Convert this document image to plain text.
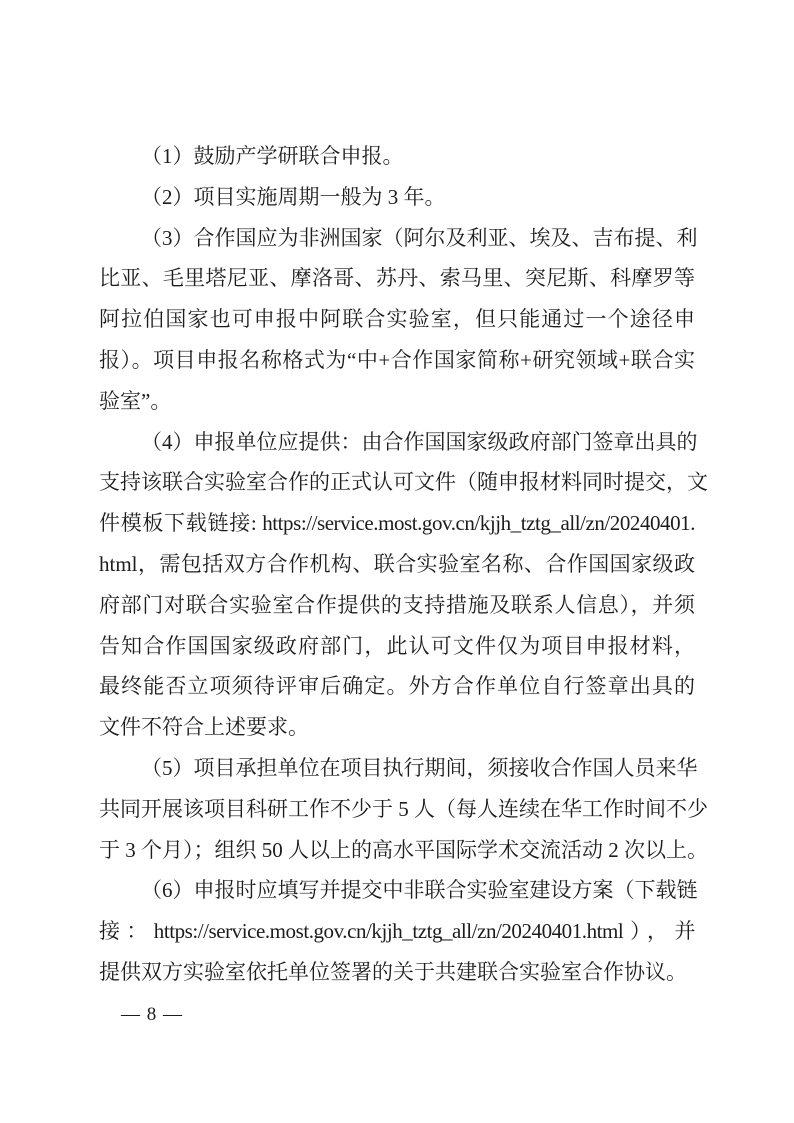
（1）鼓励产学研联合申报。
（2）项目实施周期一般为 3 年。
（3）合作国应为非洲国家（阿尔及利亚、埃及、吉布提、利
比亚、毛里塔尼亚、摩洛哥、苏丹、索马里、突尼斯、科摩罗等
阿拉伯国家也可申报中阿联合实验室，但只能通过一个途径申
报）。项目申报名称格式为“中+合作国家简称+研究领域+联合实
验室”。
（4）申报单位应提供：由合作国国家级政府部门签章出具的
支持该联合实验室合作的正式认可文件（随申报材料同时提交，文
件模板下载链接: https://service.most.gov.cn/kjjh_tztg_all/zn/20240401.
html，需包括双方合作机构、联合实验室名称、合作国国家级政
府部门对联合实验室合作提供的支持措施及联系人信息），并须
告知合作国国家级政府部门，此认可文件仅为项目申报材料，
最终能否立项须待评审后确定。外方合作单位自行签章出具的
文件不符合上述要求。
（5）项目承担单位在项目执行期间，须接收合作国人员来华
共同开展该项目科研工作不少于 5 人（每人连续在华工作时间不少
于 3 个月）；组织 50 人以上的高水平国际学术交流活动 2 次以上。
（6）申报时应填写并提交中非联合实验室建设方案（下载链
接：https://service.most.gov.cn/kjjh_tztg_all/zn/20240401.html），并
提供双方实验室依托单位签署的关于共建联合实验室合作协议。
— 8 —
